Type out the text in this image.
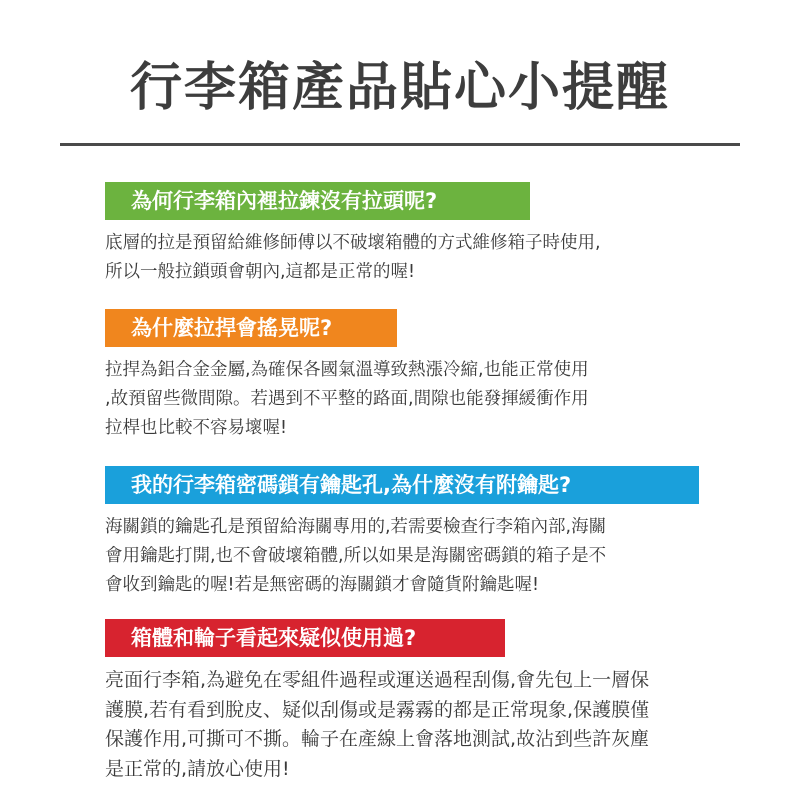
行李箱產品貼心小提醒
為何行李箱內裡拉鍊沒有拉頭呢?
底層的拉是預留給維修師傅以不破壞箱體的方式維修箱子時使用,
所以一般拉鎖頭會朝內,這都是正常的喔!
為什麼拉捍會搖晃呢?
拉捍為鋁合金金屬,為確保各國氣溫導致熱漲冷縮,也能正常使用
,故預留些微間隙。若遇到不平整的路面,間隙也能發揮緩衝作用
拉桿也比較不容易壞喔!
我的行李箱密碼鎖有鑰匙孔,為什麼沒有附鑰匙?
海關鎖的鑰匙孔是預留給海關專用的,若需要檢查行李箱內部,海關
會用鑰匙打開,也不會破壞箱體,所以如果是海關密碼鎖的箱子是不
會收到鑰匙的喔!若是無密碼的海關鎖才會隨貨附鑰匙喔!
箱體和輪子看起來疑似使用過?
亮面行李箱,為避免在零組件過程或運送過程刮傷,會先包上一層保
護膜,若有看到脫皮、疑似刮傷或是霧霧的都是正常現象,保護膜僅
保護作用,可撕可不撕。輪子在產線上會落地測試,故沾到些許灰塵
是正常的,請放心使用!
